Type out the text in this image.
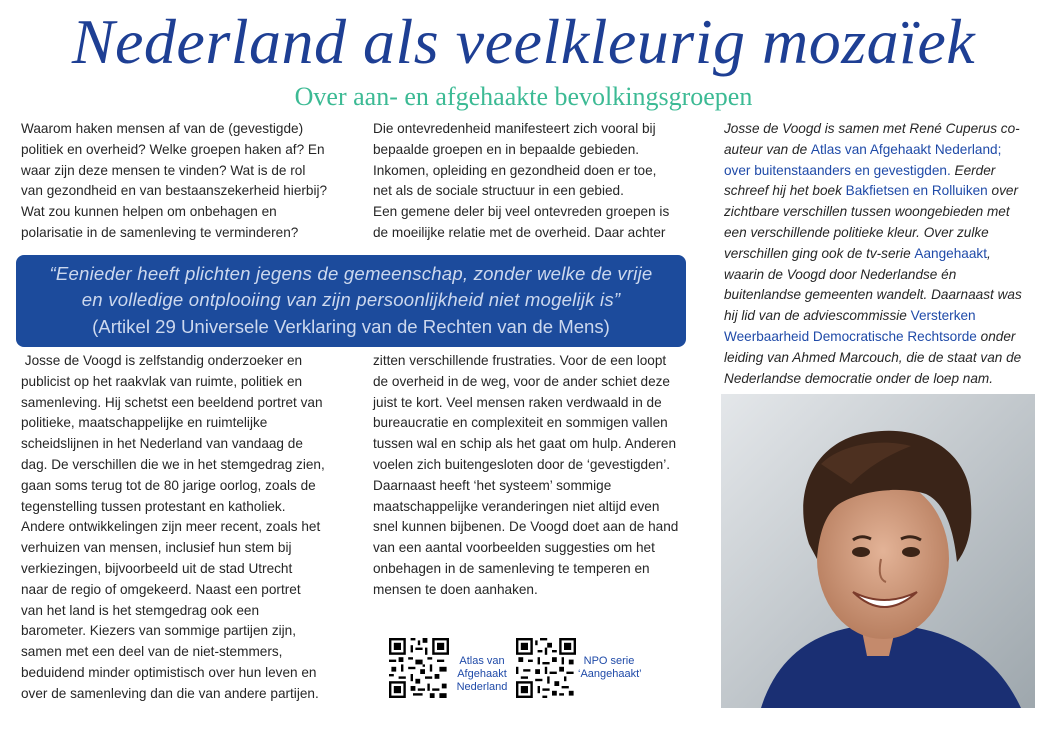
Nederland als veelkleurig mozaïek
Over aan- en afgehaakte bevolkingsgroepen

Waarom haken mensen af van de (gevestigde)

politiek en overheid? Welke groepen haken af? En

waar zijn deze mensen te vinden? Wat is de rol

van gezondheid en van bestaanszekerheid hierbij?

Wat zou kunnen helpen om onbehagen en

polarisatie in de samenleving te verminderen?

Die ontevredenheid manifesteert zich vooral bij

bepaalde groepen en in bepaalde gebieden.

Inkomen, opleiding en gezondheid doen er toe,

net als de sociale structuur in een gebied.

Een gemene deler bij veel ontevreden groepen is

de moeilijke relatie met de overheid. Daar achter

“Eenieder heeft plichten jegens de gemeenschap, zonder welke de vrije
en volledige ontplooiing van zijn persoonlijkheid niet mogelijk is”
(Artikel 29 Universele Verklaring van de Rechten van de Mens)

Josse de Voogd is zelfstandig onderzoeker en

publicist op het raakvlak van ruimte, politiek en

samenleving. Hij schetst een beeldend portret van

politieke, maatschappelijke en ruimtelijke

scheidslijnen in het Nederland van vandaag de

dag. De verschillen die we in het stemgedrag zien,

gaan soms terug tot de 80 jarige oorlog, zoals de

tegenstelling tussen protestant en katholiek.

Andere ontwikkelingen zijn meer recent, zoals het

verhuizen van mensen, inclusief hun stem bij

verkiezingen, bijvoorbeeld uit de stad Utrecht

naar de regio of omgekeerd. Naast een portret

van het land is het stemgedrag ook een

barometer. Kiezers van sommige partijen zijn,

samen met een deel van de niet-stemmers,

beduidend minder optimistisch over hun leven en

over de samenleving dan die van andere partijen.

zitten verschillende frustraties. Voor de een loopt

de overheid in de weg, voor de ander schiet deze

juist te kort. Veel mensen raken verdwaald in de

bureaucratie en complexiteit en sommigen vallen

tussen wal en schip als het gaat om hulp. Anderen

voelen zich buitengesloten door de ‘gevestigden’.

Daarnaast heeft ‘het systeem’ sommige

maatschappelijke veranderingen niet altijd even

snel kunnen bijbenen. De Voogd doet aan de hand

van een aantal voorbeelden suggesties om het

onbehagen in de samenleving te temperen en

mensen te doen aanhaken.

Josse de Voogd is samen met René Cuperus co-

auteur van de Atlas van Afgehaakt Nederland;

over buitenstaanders en gevestigden. Eerder

schreef hij het boek Bakfietsen en Rolluiken over

zichtbare verschillen tussen woongebieden met

een verschillende politieke kleur. Over zulke

verschillen ging ook de tv-serie Aangehaakt,

waarin de Voogd door Nederlandse én

buitenlandse gemeenten wandelt. Daarnaast was

hij lid van de adviescommissie Versterken

Weerbaarheid Democratische Rechtsorde onder

leiding van Ahmed Marcouch, die de staat van de

Nederlandse democratie onder de loep nam.

Atlas van
Afgehaakt
Nederland
NPO serie
‘Aangehaakt’
